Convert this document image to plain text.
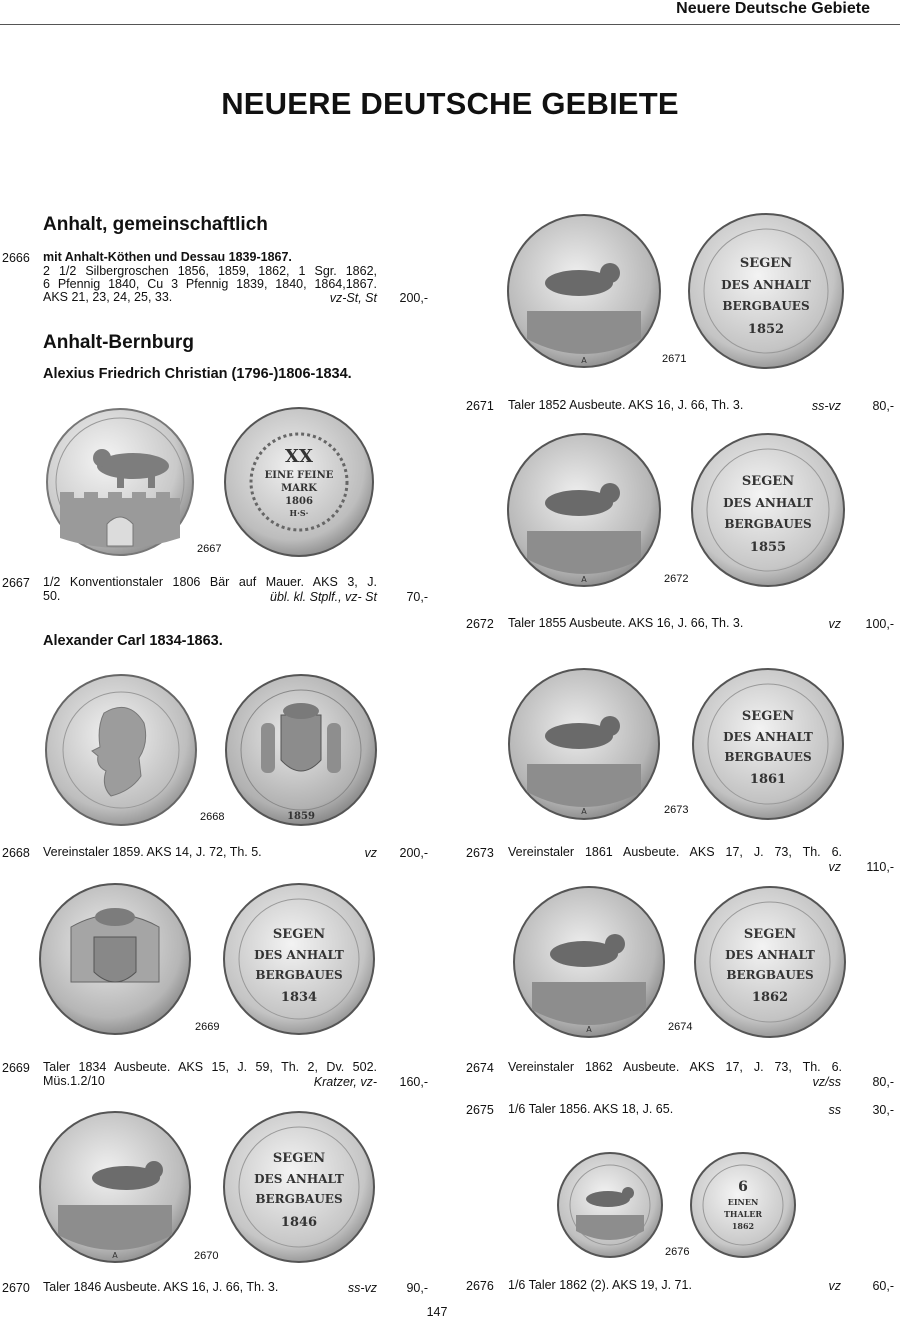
Neuere Deutsche Gebiete
NEUERE DEUTSCHE GEBIETE
Anhalt, gemeinschaftlich
2666 mit Anhalt-Köthen und Dessau 1839-1867.
2 1/2 Silbergroschen 1856, 1859, 1862, 1 Sgr. 1862,
6 Pfennig 1840, Cu 3 Pfennig 1839, 1840, 1864,1867.
AKS 21, 23, 24, 25, 33.	vz-St, St	200,-
Anhalt-Bernburg
Alexius Friedrich Christian (1796-)1806-1834.
XX
EINE FEINE
MARK
1806
H·S·
2667
2667 1/2 Konventionstaler 1806 Bär auf Mauer. AKS 3, J.
50.	übl. kl. Stplf., vz- St	70,-
Alexander Carl 1834-1863.
1859
2668
2668 Vereinstaler 1859. AKS 14, J. 72, Th. 5.	vz	200,-
SEGEN
DES ANHALT
BERGBAUES
1834
2669
2669 Taler 1834 Ausbeute. AKS 15, J. 59, Th. 2, Dv. 502.
Müs.1.2/10	Kratzer, vz-	160,-
A
SEGEN
DES ANHALT
BERGBAUES
1846
2670
2670 Taler 1846 Ausbeute. AKS 16, J. 66, Th. 3.	ss-vz	90,-
A
SEGEN
DES ANHALT
BERGBAUES
1852
2671
2671 Taler 1852 Ausbeute. AKS 16, J. 66, Th. 3.	ss-vz	80,-
A
SEGEN
DES ANHALT
BERGBAUES
1855
2672
2672 Taler 1855 Ausbeute. AKS 16, J. 66, Th. 3.	vz	100,-
A
SEGEN
DES ANHALT
BERGBAUES
1861
2673
2673 Vereinstaler 1861 Ausbeute. AKS 17, J. 73, Th. 6.
vz	110,-
A
SEGEN
DES ANHALT
BERGBAUES
1862
2674
2674 Vereinstaler 1862 Ausbeute. AKS 17, J. 73, Th. 6.
vz/ss	80,-
2675 1/6 Taler 1856. AKS 18, J. 65.	ss	30,-
6
EINEN
THALER
1862
2676
2676 1/6 Taler 1862 (2). AKS 19, J. 71.	vz	60,-
147
